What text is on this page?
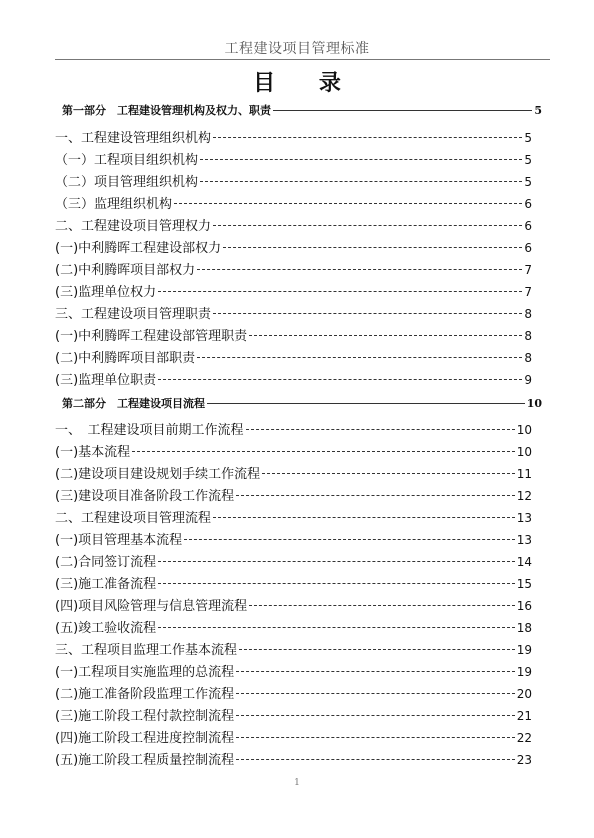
工程建设项目管理标准
目 录
第一部分　工程建设管理机构及权力、职责	5
一、工程建设管理组织机构	5
（一）工程项目组织机构	5
（二）项目管理组织机构	5
（三）监理组织机构	6
二、工程建设项目管理权力	6
(一)中利腾晖工程建设部权力	6
(二)中利腾晖项目部权力	7
(三)监理单位权力	7
三、工程建设项目管理职责	8
(一)中利腾晖工程建设部管理职责	8
(二)中利腾晖项目部职责	8
(三)监理单位职责	9
第二部分　工程建设项目流程	10
一、　工程建设项目前期工作流程	10
(一)基本流程	10
(二)建设项目建设规划手续工作流程	11
(三)建设项目准备阶段工作流程	12
二、工程建设项目管理流程	13
(一)项目管理基本流程	13
(二)合同签订流程	14
(三)施工准备流程	15
(四)项目风险管理与信息管理流程	16
(五)竣工验收流程	18
三、工程项目监理工作基本流程	19
(一)工程项目实施监理的总流程	19
(二)施工准备阶段监理工作流程	20
(三)施工阶段工程付款控制流程	21
(四)施工阶段工程进度控制流程	22
(五)施工阶段工程质量控制流程	23
1
